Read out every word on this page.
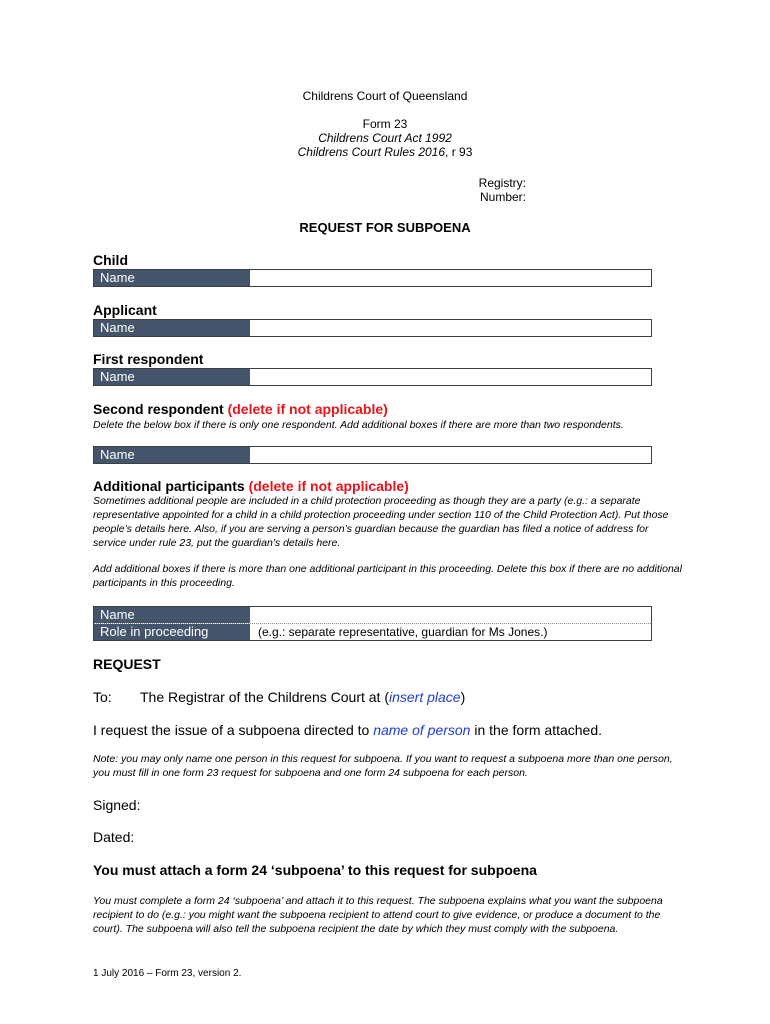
Childrens Court of Queensland
Form 23
Childrens Court Act 1992
Childrens Court Rules 2016, r 93
Registry:
Number:
REQUEST FOR SUBPOENA
Child
Name
Applicant
Name
First respondent
Name
Second respondent (delete if not applicable)
Delete the below box if there is only one respondent. Add additional boxes if there are more than two respondents.
Name
Additional participants (delete if not applicable)
Sometimes additional people are included in a child protection proceeding as though they are a party (e.g.: a separate representative appointed for a child in a child protection proceeding under section 110 of the Child Protection Act). Put those people’s details here. Also, if you are serving a person’s guardian because the guardian has filed a notice of address for service under rule 23, put the guardian’s details here.
Add additional boxes if there is more than one additional participant in this proceeding. Delete this box if there are no additional participants in this proceeding.
Name
Role in proceeding	(e.g.: separate representative, guardian for Ms Jones.)
REQUEST
To: The Registrar of the Childrens Court at (insert place)
I request the issue of a subpoena directed to name of person in the form attached.
Note: you may only name one person in this request for subpoena. If you want to request a subpoena more than one person, you must fill in one form 23 request for subpoena and one form 24 subpoena for each person.
Signed:
Dated:
You must attach a form 24 ‘subpoena’ to this request for subpoena
You must complete a form 24 ‘subpoena’ and attach it to this request. The subpoena explains what you want the subpoena recipient to do (e.g.: you might want the subpoena recipient to attend court to give evidence, or produce a document to the court). The subpoena will also tell the subpoena recipient the date by which they must comply with the subpoena.
1 July 2016 – Form 23, version 2.
